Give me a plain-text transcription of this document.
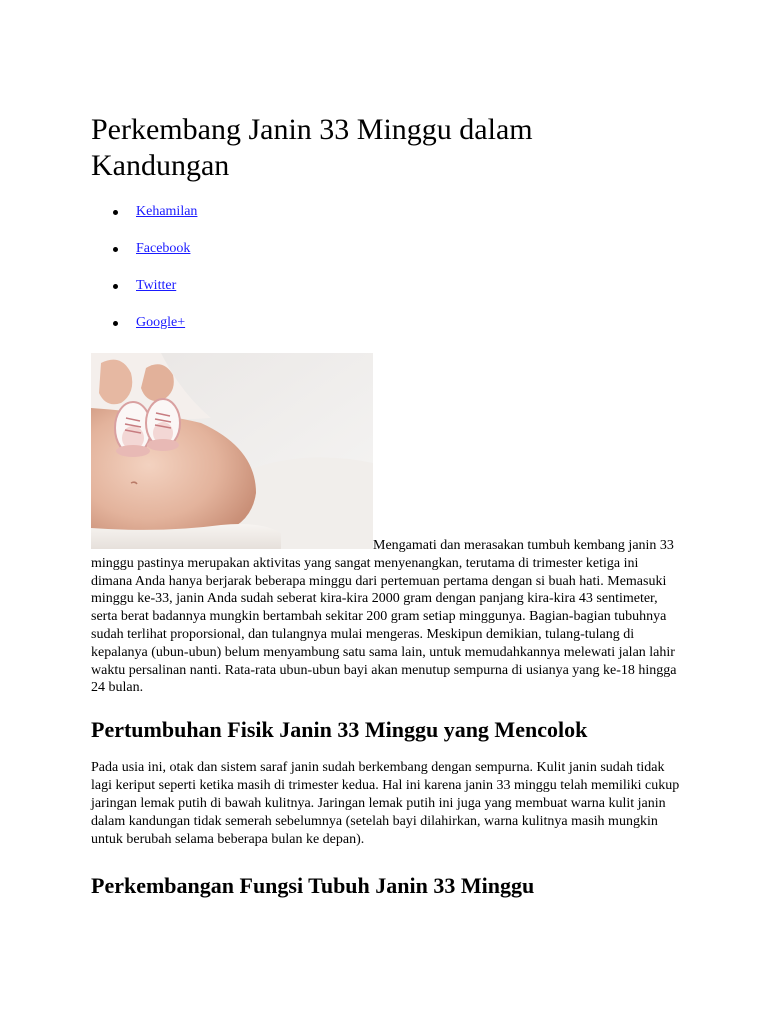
Perkembang Janin 33 Minggu dalam Kandungan
Kehamilan
Facebook
Twitter
Google+
Mengamati dan merasakan tumbuh kembang janin 33 minggu pastinya merupakan aktivitas yang sangat menyenangkan, terutama di trimester ketiga ini dimana Anda hanya berjarak beberapa minggu dari pertemuan pertama dengan si buah hati. Memasuki minggu ke-33, janin Anda sudah seberat kira-kira 2000 gram dengan panjang kira-kira 43 sentimeter, serta berat badannya mungkin bertambah sekitar 200 gram setiap minggunya. Bagian-bagian tubuhnya sudah terlihat proporsional, dan tulangnya mulai mengeras. Meskipun demikian, tulang-tulang di kepalanya (ubun-ubun) belum menyambung satu sama lain, untuk memudahkannya melewati jalan lahir waktu persalinan nanti. Rata-rata ubun-ubun bayi akan menutup sempurna di usianya yang ke-18 hingga 24 bulan.
Pertumbuhan Fisik Janin 33 Minggu yang Mencolok

Pada usia ini, otak dan sistem saraf janin sudah berkembang dengan sempurna. Kulit janin sudah tidak lagi keriput seperti ketika masih di trimester kedua. Hal ini karena janin 33 minggu telah memiliki cukup jaringan lemak putih di bawah kulitnya. Jaringan lemak putih ini juga yang membuat warna kulit janin dalam kandungan tidak semerah sebelumnya (setelah bayi dilahirkan, warna kulitnya masih mungkin untuk berubah selama beberapa bulan ke depan).

Perkembangan Fungsi Tubuh Janin 33 Minggu
